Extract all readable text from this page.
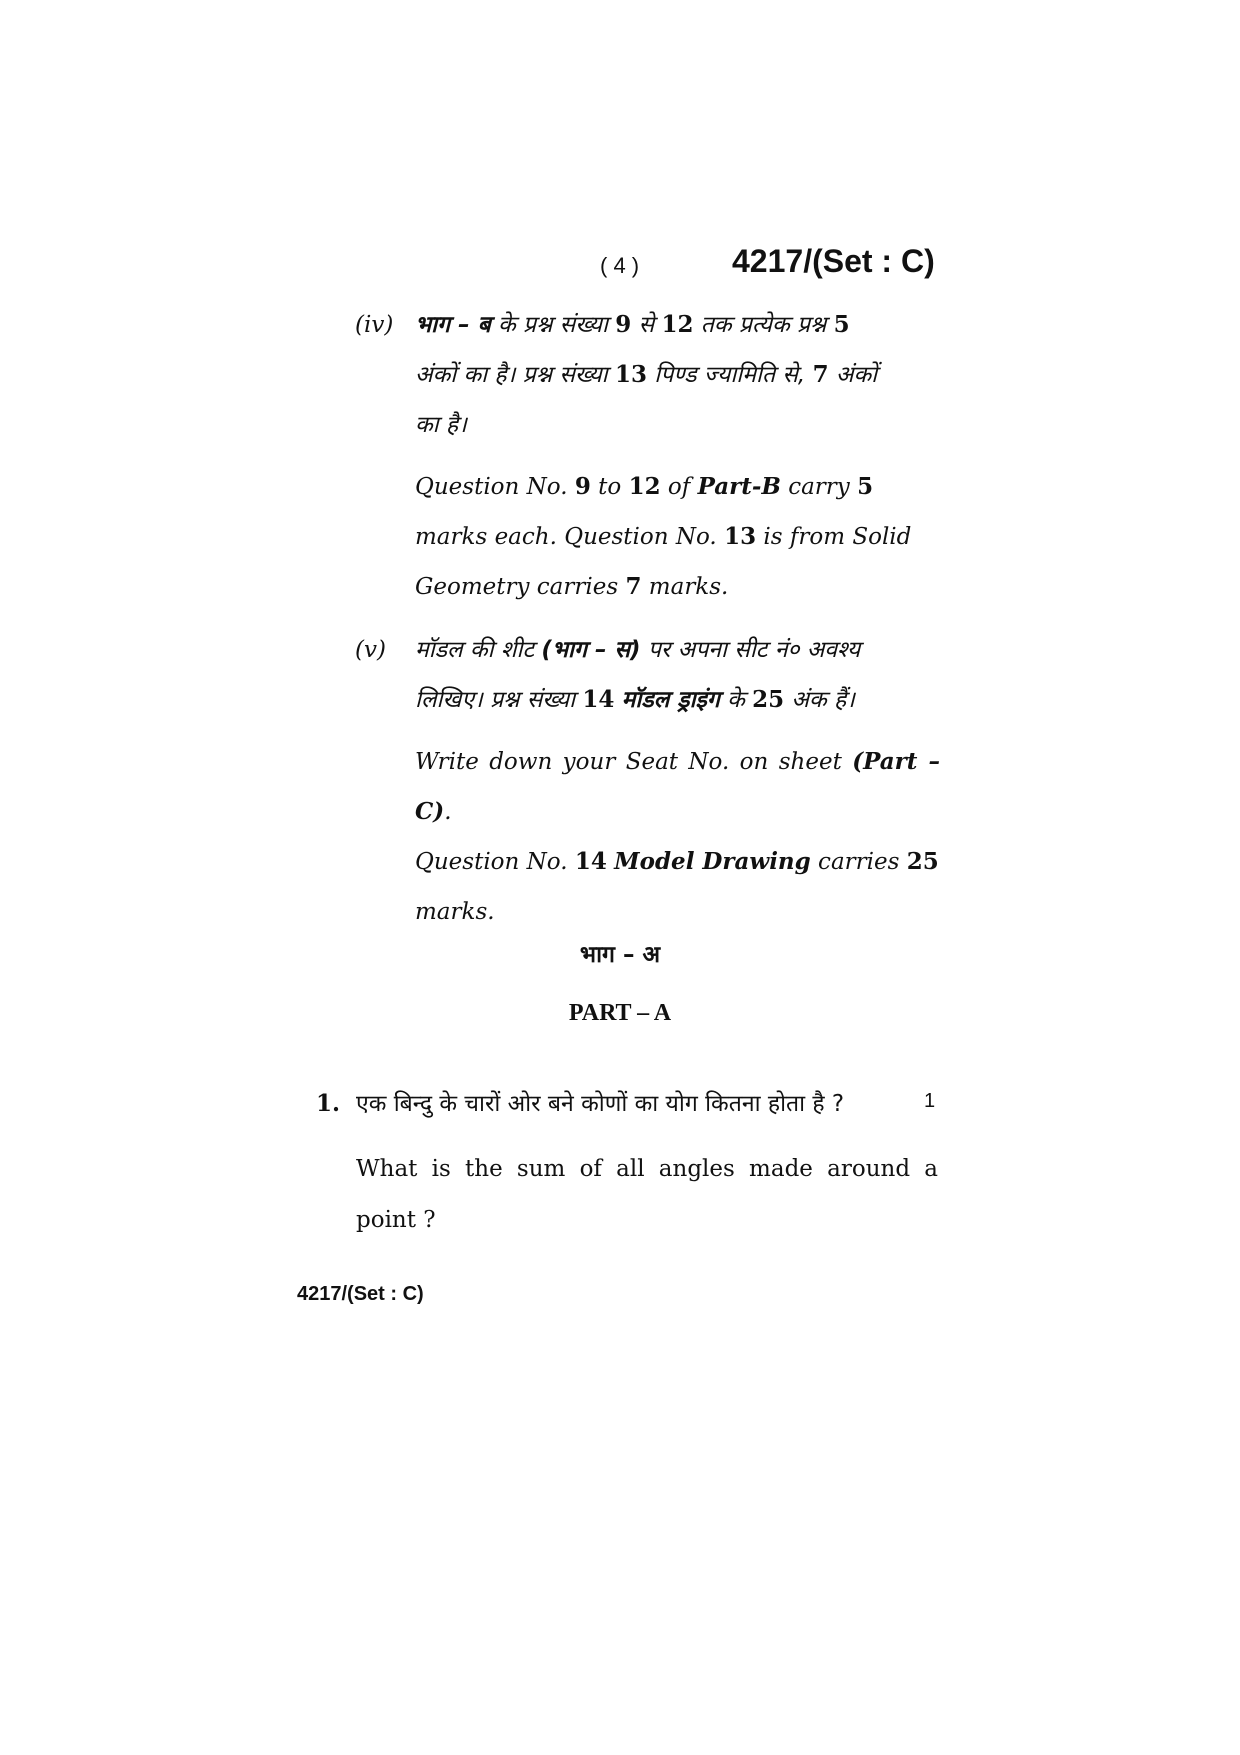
( 4 )	4217/(Set : C)
(iv) भाग – ब के प्रश्न संख्या 9 से 12 तक प्रत्येक प्रश्न 5
अंकों का है। प्रश्न संख्या 13 पिण्ड ज्यामिति से, 7 अंकों
का है।
Question No. 9 to 12 of Part-B carry 5
marks each. Question No. 13 is from Solid
Geometry carries 7 marks.
(v) मॉडल की शीट (भाग – स) पर अपना सीट नं० अवश्य
लिखिए। प्रश्न संख्या 14 मॉडल ड्राइंग के 25 अंक हैं।
Write down your Seat No. on sheet (Part – C).
Question No. 14 Model Drawing carries 25
marks.
भाग – अ
PART – A
1. एक बिन्दु के चारों ओर बने कोणों का योग कितना होता है ?	1
What is the sum of all angles made around a point ?
4217/(Set : C)
